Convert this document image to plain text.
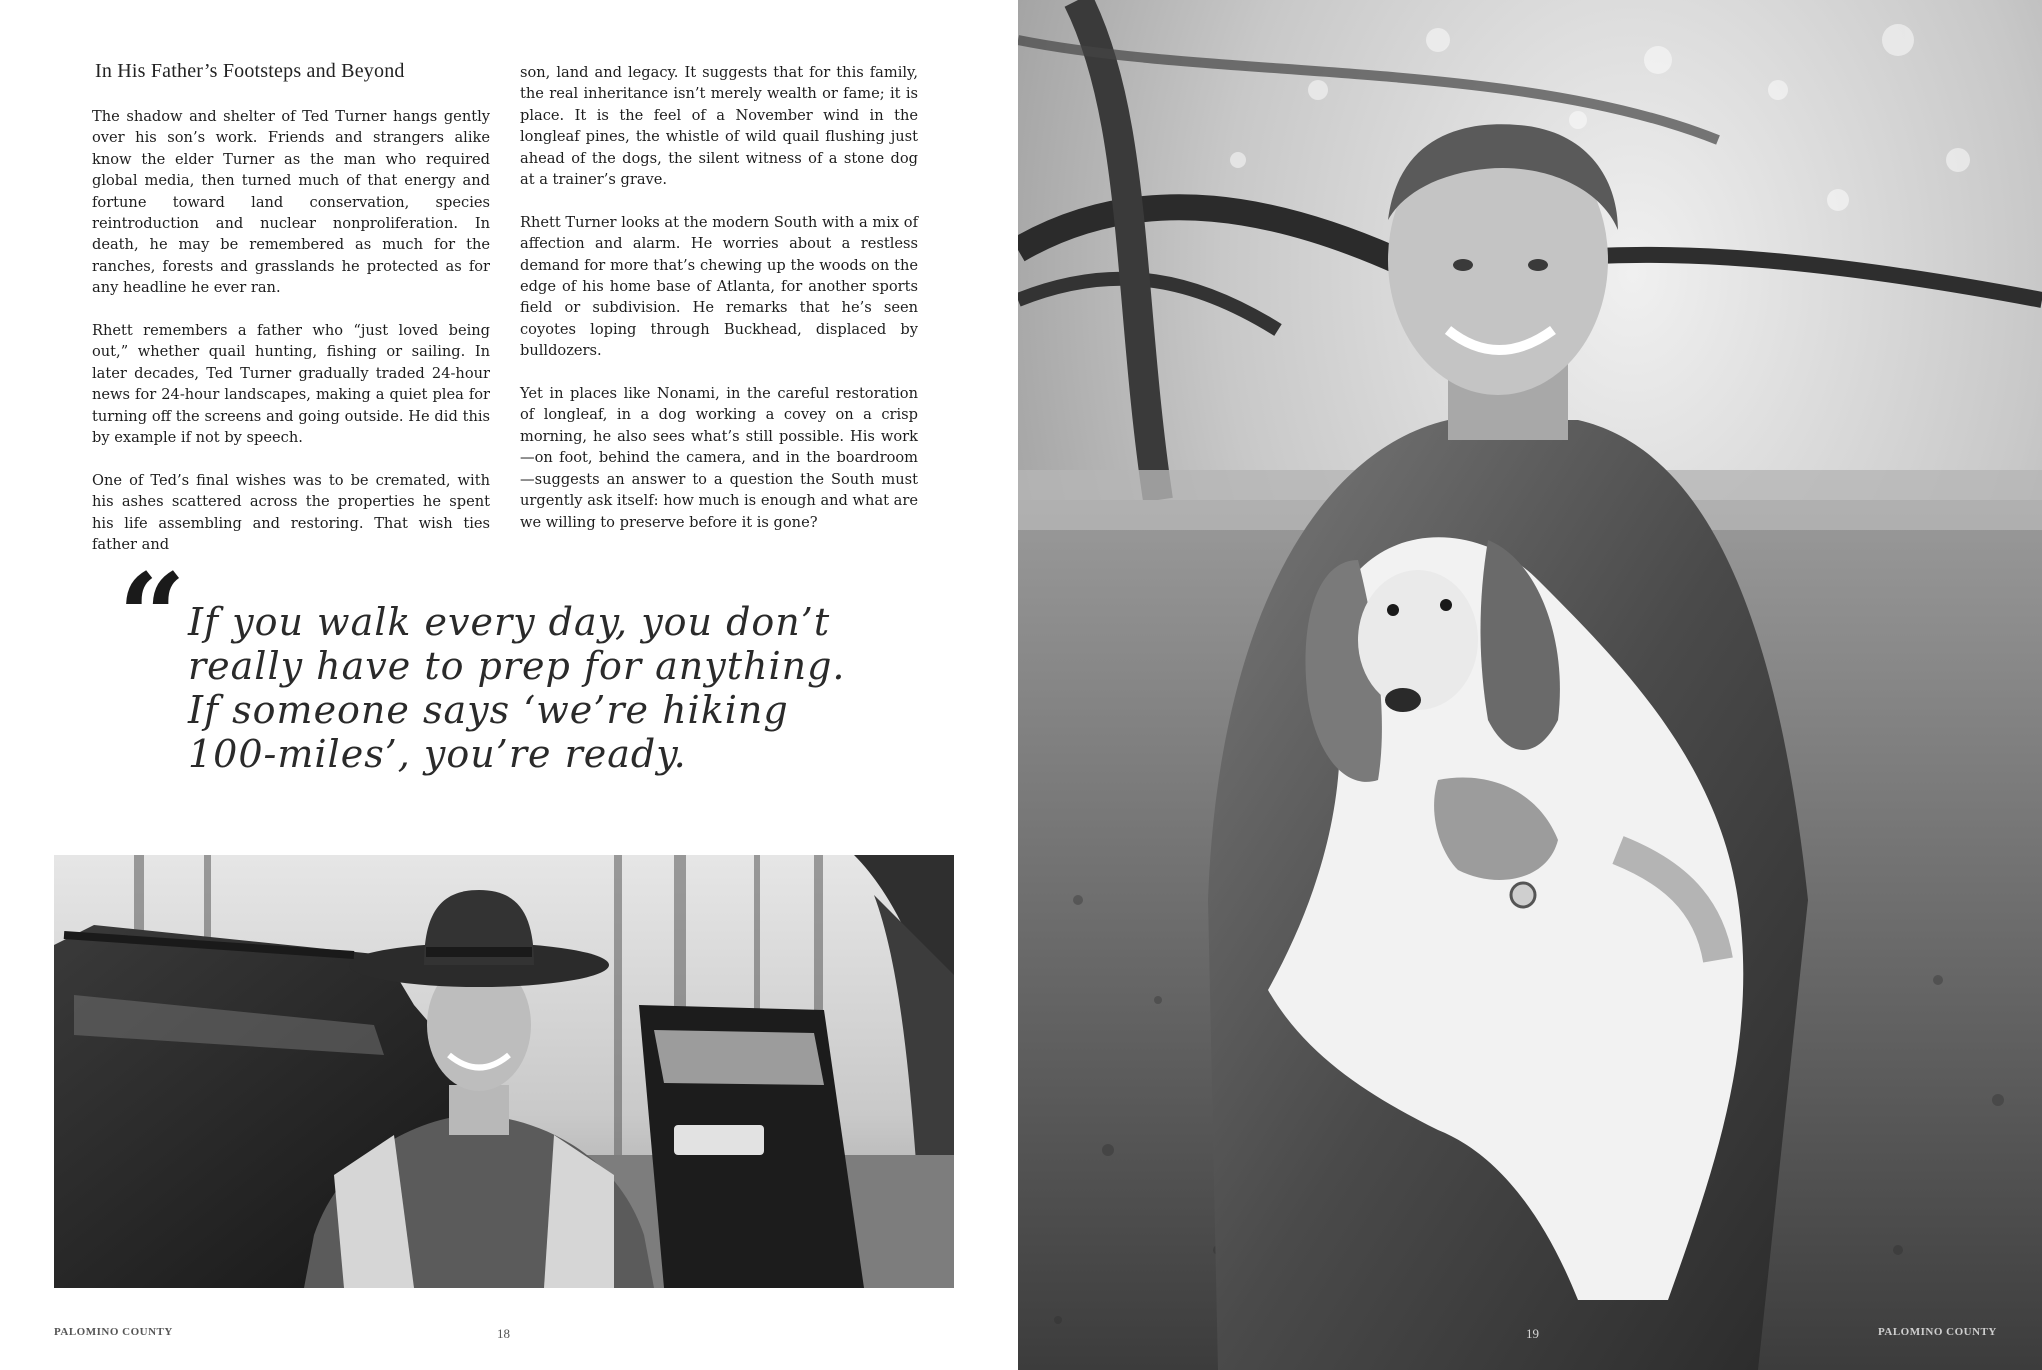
In His Father’s Footsteps and Beyond

The shadow and shelter of Ted Turner hangs gently over his son’s work. Friends and strangers alike know the elder Turner as the man who required global media, then turned much of that energy and fortune toward land conservation, species reintroduction and nuclear nonproliferation. In death, he may be remembered as much for the ranches, forests and grasslands he protected as for any headline he ever ran.

Rhett remembers a father who “just loved being out,” whether quail hunting, fishing or sailing. In later decades, Ted Turner gradually traded 24-hour news for 24-hour landscapes, making a quiet plea for turning off the screens and going outside. He did this by example if not by speech.

One of Ted’s final wishes was to be cremated, with his ashes scattered across the properties he spent his life assembling and restoring. That wish ties father and

son, land and legacy. It suggests that for this family, the real inheritance isn’t merely wealth or fame; it is place. It is the feel of a November wind in the longleaf pines, the whistle of wild quail flushing just ahead of the dogs, the silent witness of a stone dog at a trainer’s grave.

Rhett Turner looks at the modern South with a mix of affection and alarm. He worries about a restless demand for more that’s chewing up the woods on the edge of his home base of Atlanta, for another sports field or subdivision. He remarks that he’s seen coyotes loping through Buckhead, displaced by bulldozers.

Yet in places like Nonami, in the careful restoration of longleaf, in a dog working a covey on a crisp morning, he also sees what’s still possible. His work—on foot, behind the camera, and in the boardroom—suggests an answer to a question the South must urgently ask itself: how much is enough and what are we willing to preserve before it is gone?

“ If you walk every day, you don’t
really have to prep for anything.
If someone says ‘we’re hiking
100-miles’, you’re ready.
PALOMINO COUNTY	18	19	PALOMINO COUNTY
